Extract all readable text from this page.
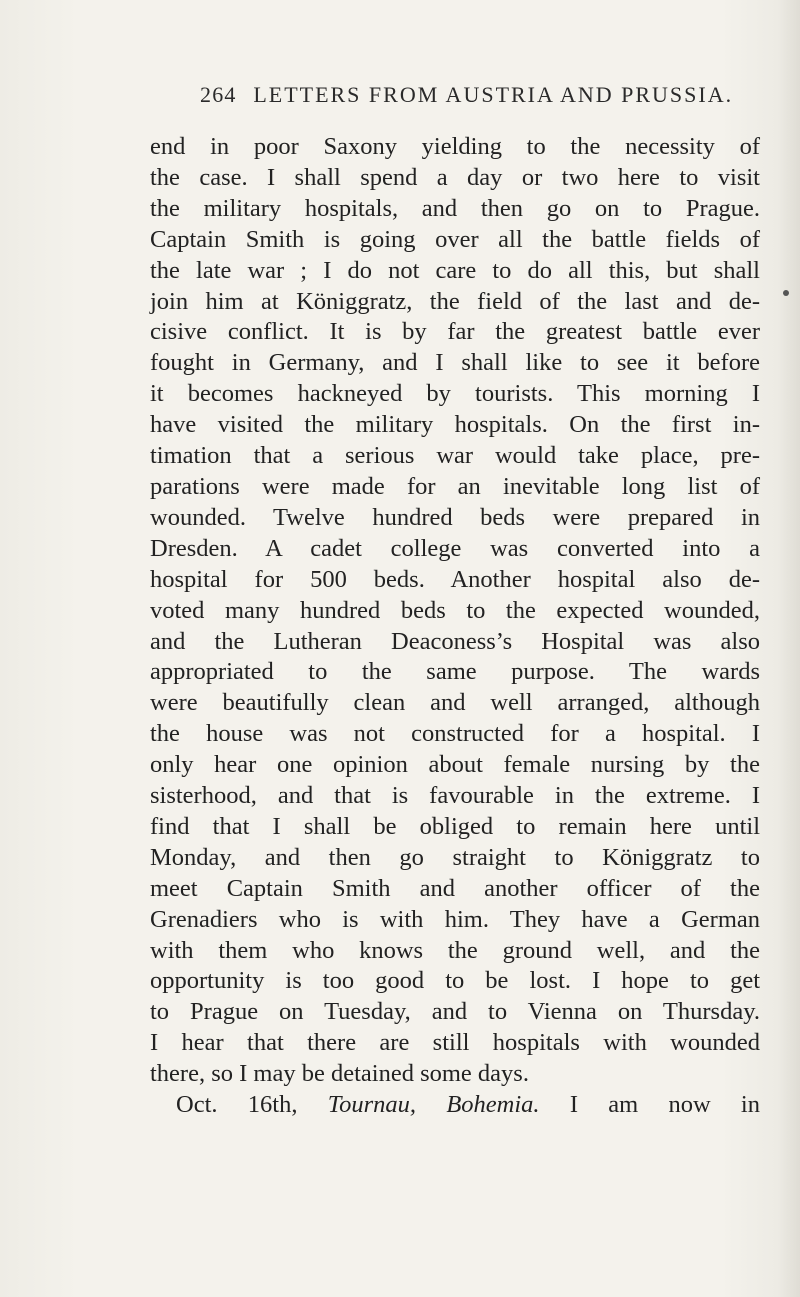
264 LETTERS FROM AUSTRIA AND PRUSSIA.
end in poor Saxony yielding to the necessity of
the case. I shall spend a day or two here to visit
the military hospitals, and then go on to Prague.
Captain Smith is going over all the battle fields of
the late war ; I do not care to do all this, but shall
join him at Königgratz, the field of the last and de-
cisive conflict. It is by far the greatest battle ever
fought in Germany, and I shall like to see it before
it becomes hackneyed by tourists. This morning I
have visited the military hospitals. On the first in-
timation that a serious war would take place, pre-
parations were made for an inevitable long list of
wounded. Twelve hundred beds were prepared in
Dresden. A cadet college was converted into a
hospital for 500 beds. Another hospital also de-
voted many hundred beds to the expected wounded,
and the Lutheran Deaconess’s Hospital was also
appropriated to the same purpose. The wards
were beautifully clean and well arranged, although
the house was not constructed for a hospital. I
only hear one opinion about female nursing by the
sisterhood, and that is favourable in the extreme. I
find that I shall be obliged to remain here until
Monday, and then go straight to Königgratz to
meet Captain Smith and another officer of the
Grenadiers who is with him. They have a German
with them who knows the ground well, and the
opportunity is too good to be lost. I hope to get
to Prague on Tuesday, and to Vienna on Thursday.
I hear that there are still hospitals with wounded
there, so I may be detained some days.
Oct. 16th, Tournau, Bohemia. I am now in
